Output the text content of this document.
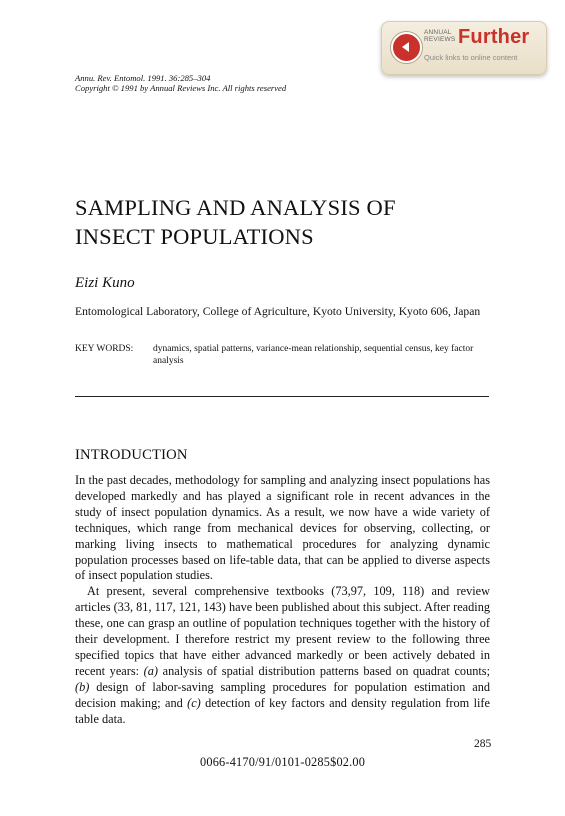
ANNUAL
REVIEWS Further
Quick links to online content
Annu. Rev. Entomol. 1991. 36:285–304
Copyright © 1991 by Annual Reviews Inc. All rights reserved
SAMPLING AND ANALYSIS OF
INSECT POPULATIONS
Eizi Kuno
Entomological Laboratory, College of Agriculture, Kyoto University, Kyoto 606, Japan
KEY WORDS: dynamics, spatial patterns, variance-mean relationship, sequential census, key factor analysis
INTRODUCTION

In the past decades, methodology for sampling and analyzing insect populations has developed markedly and has played a significant role in recent advances in the study of insect population dynamics. As a result, we now have a wide variety of techniques, which range from mechanical devices for observing, collecting, or marking living insects to mathematical procedures for analyzing dynamic population processes based on life-table data, that can be applied to diverse aspects of insect population studies.

At present, several comprehensive textbooks (73,97, 109, 118) and review articles (33, 81, 117, 121, 143) have been published about this subject. After reading these, one can grasp an outline of population techniques together with the history of their development. I therefore restrict my present review to the following three specified topics that have either advanced markedly or been actively debated in recent years: (a) analysis of spatial distribution patterns based on quadrat counts; (b) design of labor-saving sampling procedures for population estimation and decision making; and (c) detection of key factors and density regulation from life table data.

285
0066-4170/91/0101-0285$02.00
